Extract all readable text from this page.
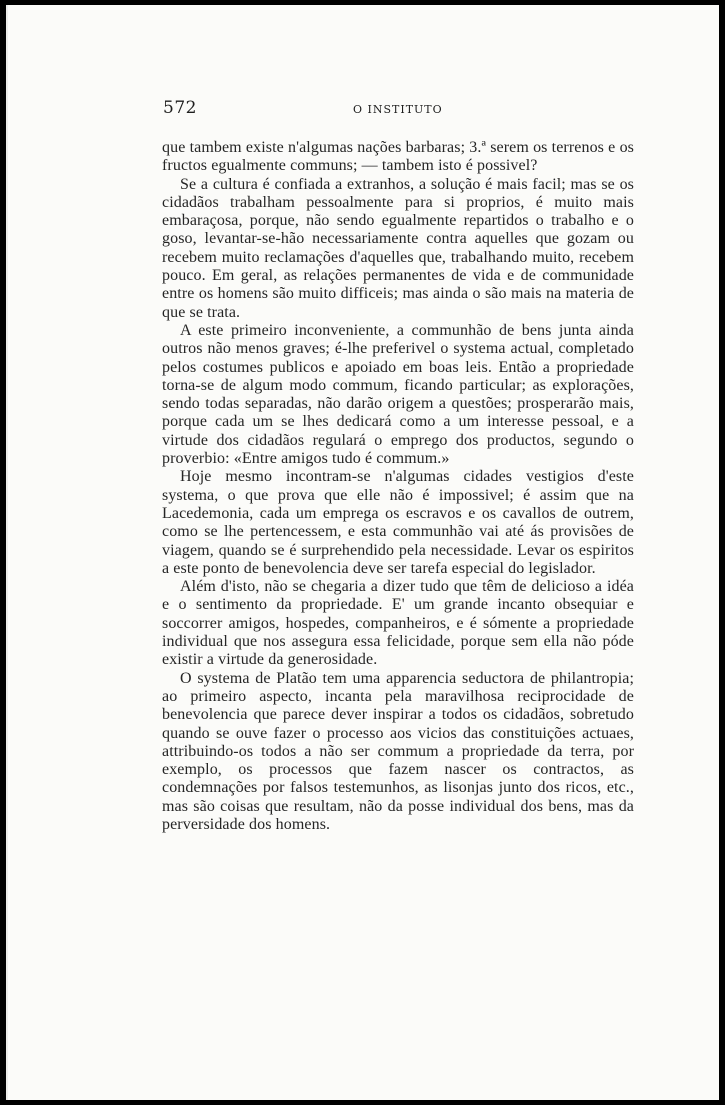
572	O INSTITUTO

que tambem existe n'algumas nações barbaras; 3.ª serem os terrenos e os fructos egualmente communs; — tambem isto é possivel?

Se a cultura é confiada a extranhos, a solução é mais facil; mas se os cidadãos trabalham pessoalmente para si proprios, é muito mais embaraçosa, porque, não sendo egualmente repartidos o trabalho e o goso, levantar-se-hão necessariamente contra aquelles que gozam ou recebem muito reclamações d'aquelles que, trabalhando muito, recebem pouco. Em geral, as relações permanentes de vida e de communidade entre os homens são muito difficeis; mas ainda o são mais na materia de que se trata.

A este primeiro inconveniente, a communhão de bens junta ainda outros não menos graves; é-lhe preferivel o systema actual, completado pelos costumes publicos e apoiado em boas leis. Então a propriedade torna-se de algum modo commum, ficando particular; as explorações, sendo todas separadas, não darão origem a questões; prosperarão mais, porque cada um se lhes dedicará como a um interesse pessoal, e a virtude dos cidadãos regulará o emprego dos productos, segundo o proverbio: «Entre amigos tudo é commum.»

Hoje mesmo incontram-se n'algumas cidades vestigios d'este systema, o que prova que elle não é impossivel; é assim que na Lacedemonia, cada um emprega os escravos e os cavallos de outrem, como se lhe pertencessem, e esta communhão vai até ás provisões de viagem, quando se é surprehendido pela necessidade. Levar os espiritos a este ponto de benevolencia deve ser tarefa especial do legislador.

Além d'isto, não se chegaria a dizer tudo que têm de delicioso a idéa e o sentimento da propriedade. E' um grande incanto obsequiar e soccorrer amigos, hospedes, companheiros, e é sómente a propriedade individual que nos assegura essa felicidade, porque sem ella não póde existir a virtude da generosidade.

O systema de Platão tem uma apparencia seductora de philantropia; ao primeiro aspecto, incanta pela maravilhosa reciprocidade de benevolencia que parece dever inspirar a todos os cidadãos, sobretudo quando se ouve fazer o processo aos vicios das constituições actuaes, attribuindo-os todos a não ser commum a propriedade da terra, por exemplo, os processos que fazem nascer os contractos, as condemnações por falsos testemunhos, as lisonjas junto dos ricos, etc., mas são coisas que resultam, não da posse individual dos bens, mas da perversidade dos homens.
